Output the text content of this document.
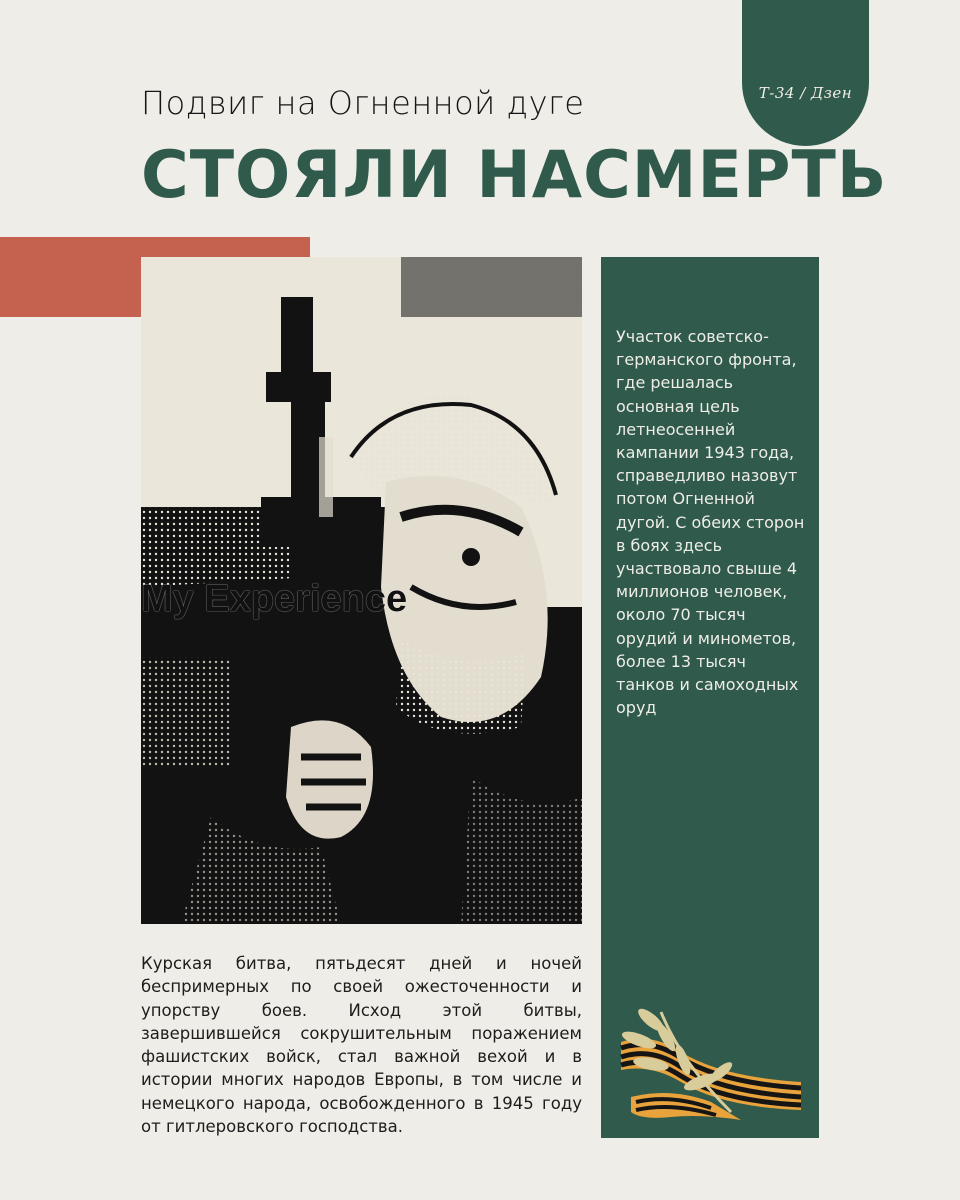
Т-34 / Дзен
Подвиг на Огненной дуге
СТОЯЛИ НАСМЕРТЬ
My Experience
Участок советско-германского фронта, где решалась основная цель летнеосенней кампании 1943 года, справедливо назовут потом Огненной дугой. С обеих сторон в боях здесь участвовало свыше 4 миллионов человек, около 70 тысяч орудий и минометов, более 13 тысяч танков и самоходных оруд
Курская битва, пятьдесят дней и ночей беспримерных по своей ожесточенности и упорству боев. Исход этой битвы, завершившейся сокрушительным поражением фашистских войск, стал важной вехой и в истории многих народов Европы, в том числе и немецкого народа, освобожденного в 1945 году от гитлеровского господства.
